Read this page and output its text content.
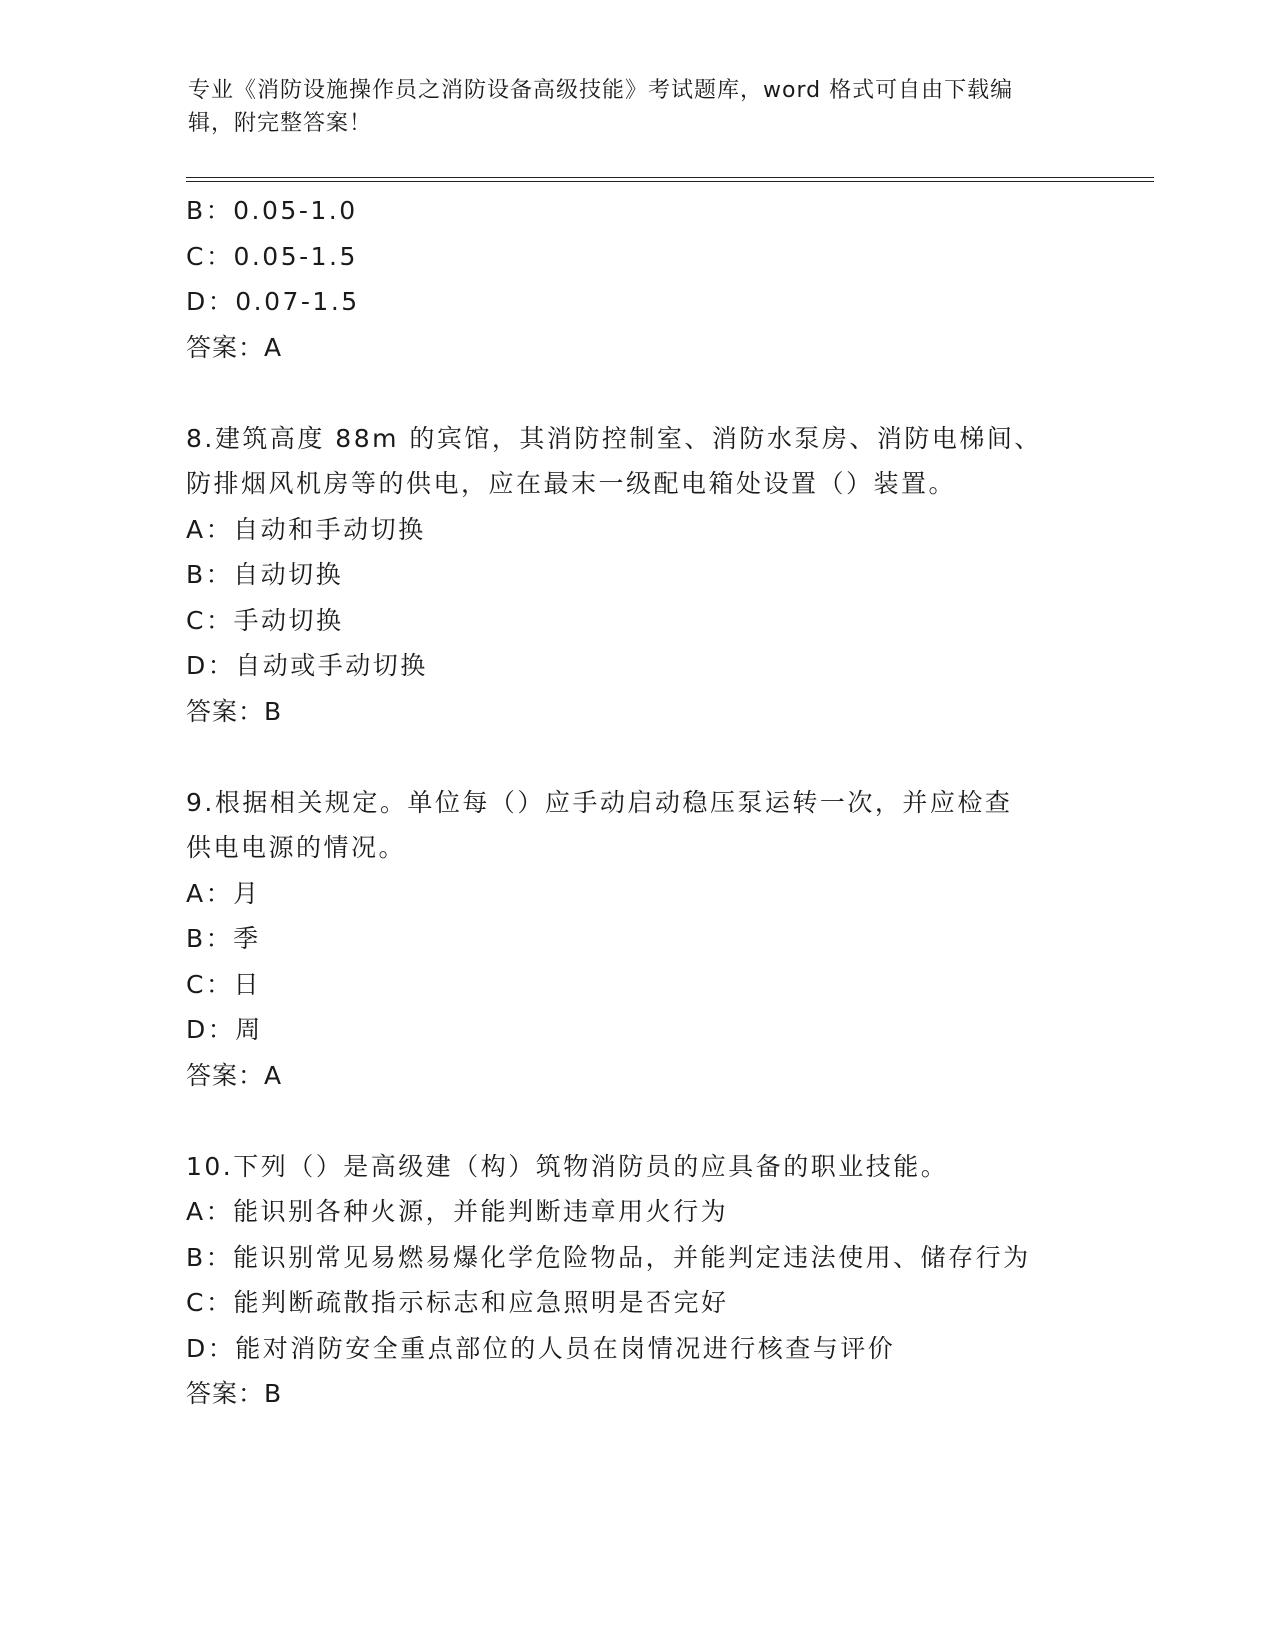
专业《消防设施操作员之消防设备高级技能》考试题库，word 格式可自由下载编
辑，附完整答案！
B：0.05-1.0
C：0.05-1.5
D：0.07-1.5
答案：A
8.建筑高度 88m 的宾馆，其消防控制室、消防水泵房、消防电梯间、
防排烟风机房等的供电，应在最末一级配电箱处设置（）装置。
A：自动和手动切换
B：自动切换
C：手动切换
D：自动或手动切换
答案：B
9.根据相关规定。单位每（）应手动启动稳压泵运转一次，并应检查
供电电源的情况。
A：月
B：季
C：日
D：周
答案：A
10.下列（）是高级建（构）筑物消防员的应具备的职业技能。
A：能识别各种火源，并能判断违章用火行为
B：能识别常见易燃易爆化学危险物品，并能判定违法使用、储存行为
C：能判断疏散指示标志和应急照明是否完好
D：能对消防安全重点部位的人员在岗情况进行核查与评价
答案：B
